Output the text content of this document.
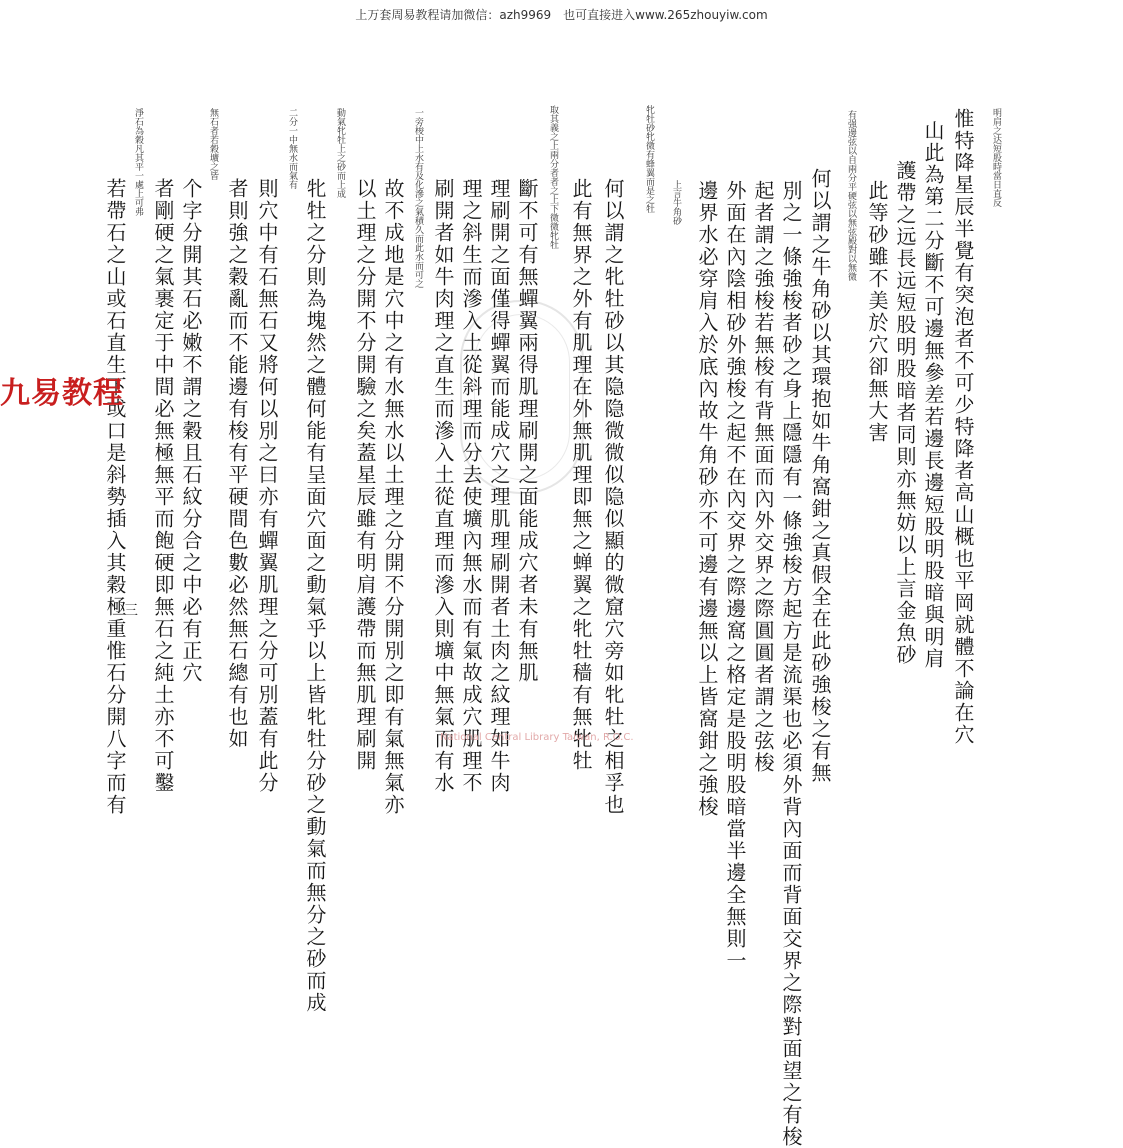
上万套周易教程请加微信：azh9969　也可直接进入www.265zhouyiw.com
明肩之达短股時當日直反
惟特降星辰半覺有突泡者不可少特降者高山概也平岡就體不論在穴
山此為第二分斷不可邊無參差若邊長邊短股明股暗與明肩
護帶之远長远短股明股暗者同則亦無妨以上言金魚砂
此等砂雖不美於穴卻無大害
有强邊弦以自兩分平硬弦以無弦殿對以無微
何以謂之牛角砂以其環抱如牛角窩鉗之真假全在此砂強梭之有無
別之一條強梭者砂之身上隱隱有一條強梭方起方是流渠也必須外背內面而背面交界之際對面望之有梭
起者謂之強梭若無梭有背無面而內外交界之際圓圓者謂之弦梭
外面在內陰相砂外強梭之起不在內交界之際邊窩之格定是股明股暗當半邊全無則一
邊界水必穿肩入於底內故牛角砂亦不可邊有邊無以上皆窩鉗之強梭
上言牛角砂
牝牡砂牝微有蜂翼而是之牡
何以謂之牝牡砂以其隐隐微微似隐似顯的微窟穴旁如牝牡之相孚也
此有無界之外有肌理在外無肌理即無之蝉翼之牝牡穑有無牝牡
取其義之上兩分者者之上下微微牝牡
斷不可有無蟬翼兩得肌理刷開之面能成穴者未有無肌
理刷開之面僅得蟬翼而能成穴之理肌理刷開者土肉之紋理如牛肉
理之斜生而滲入土從斜理而分去使壙內無水而有氣故成穴肌理不
刷開者如牛肉理之直生而滲入土從直理而滲入則壙中無氣而有水
一旁梭中上水有及化滲之氣積久而此水而可之
故不成地是穴中之有水無水以土理之分開不分開別之即有氣無氣亦
以土理之分開不分開驗之矣蓋星辰雖有明肩護帶而無肌理刷開
動氣牝牡上之砂而上成
牝牡之分則為塊然之體何能有呈面穴面之動氣乎以上皆牝牡分砂之動氣而無分之砂而成
二分一中無水而氣有
則穴中有石無石又將何以別之曰亦有蟬翼肌理之分可別蓋有此分
者則強之穀亂而不能邊有梭有平硬間色數必然無石總有也如
無石者若穀壙之皆
个字分開其石必嫩不謂之穀且石紋分合之中必有正穴
者剛硬之氣裹定于中間必無極無平而飽硬即無石之純土亦不可鑿
淨石為穀凡其平一處上可弗
若帶石之山或石直生下或口是斜勢插入其穀極重惟石分開八字而有
九易教程
National Central Library Taiwan, R.O.C.
三
